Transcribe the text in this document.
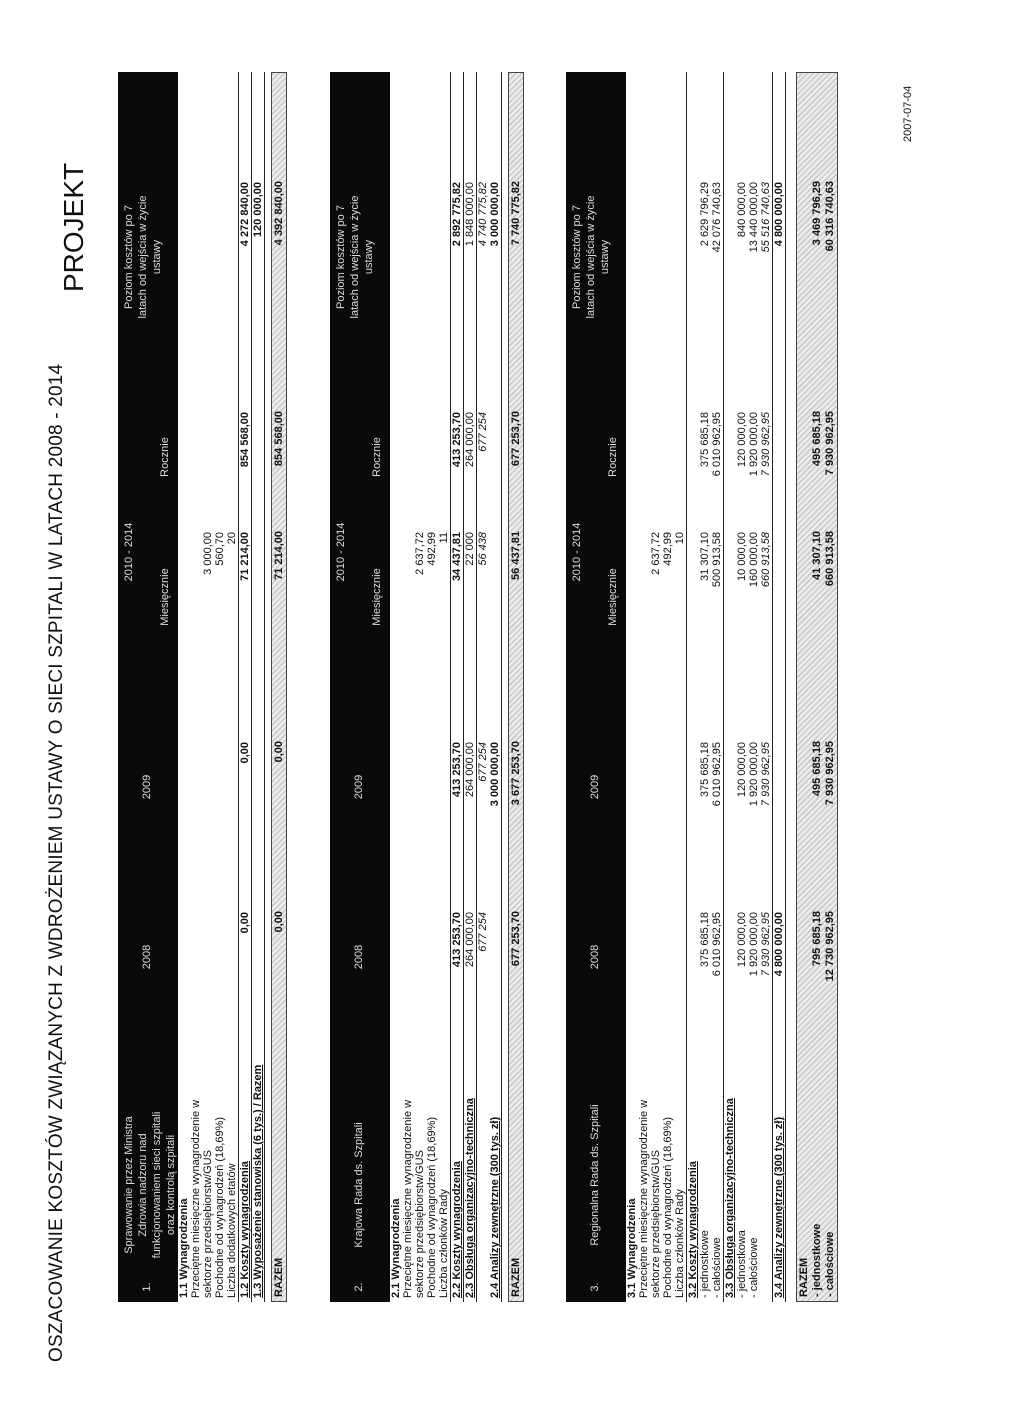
OSZACOWANIE KOSZTÓW ZWIĄZANYCH Z WDROŻENIEM USTAWY O SIECI SZPITALI W LATACH 2008 - 2014
PROJEKT
2007-07-04
1.
Sprawowanie przez Ministra Zdrowia nadzoru nad funkcjonowaniem sieci szpitali oraz kontrolą szpitali
2008
2009
2010 - 2014
Miesięcznie
Rocznie
Poziom kosztów po 7 latach od wejścia w życie ustawy
1.1 Wynagrodzenia Przeciętne miesięczne wynagrodzenie w sektorze przedsiębiorstw/GUS
3 000,00
Pochodne od wynagrodzeń (18,69%)
560,70
Liczba dodatkowych etatów
20
1.2 Koszty wynagrodzenia
0,00
0,00
71 214,00
854 568,00
4 272 840,00
1.3 Wyposażenie stanowiska (6 tys.) / Razem
120 000,00
RAZEM
0,00
0,00
71 214,00
854 568,00
4 392 840,00
2.
Krajowa Rada ds. Szpitali
2008
2009
2010 - 2014
Miesięcznie
Rocznie
Poziom kosztów po 7 latach od wejścia w życie ustawy
2.1 Wynagrodzenia Przeciętne miesięczne wynagrodzenie w sektorze przedsiębiorstw/GUS
2 637,72
Pochodne od wynagrodzeń (18,69%)
492,99
Liczba członków Rady
11
2.2 Koszty wynagrodzenia
413 253,70
413 253,70
34 437,81
413 253,70
2 892 775,82
2.3 Obsługa organizacyjno-techniczna
264 000,00
264 000,00
22 000
264 000,00
1 848 000,00
677 254
677 254
56 438
677 254
4 740 775,82
2.4 Analizy zewnętrzne (300 tys. zł)
3 000 000,00
3 000 000,00
RAZEM
677 253,70
3 677 253,70
56 437,81
677 253,70
7 740 775,82
3.
Regionalna Rada ds. Szpitali
2008
2009
2010 - 2014
Miesięcznie
Rocznie
Poziom kosztów po 7 latach od wejścia w życie ustawy
3.1 Wynagrodzenia Przeciętne miesięczne wynagrodzenie w sektorze przedsiębiorstw/GUS
2 637,72
Pochodne od wynagrodzeń (18,69%)
492,99
Liczba członków Rady
10
3.2 Koszty wynagrodzenia - jednostkowe
375 685,18
375 685,18
31 307,10
375 685,18
2 629 796,29
- całościowe
6 010 962,95
6 010 962,95
500 913,58
6 010 962,95
42 076 740,63
3.3 Obsługa organizacyjno-techniczna - jednostkowa
120 000,00
120 000,00
10 000,00
120 000,00
840 000,00
- całościowe
1 920 000,00
1 920 000,00
160 000,00
1 920 000,00
13 440 000,00
7 930 962,95
7 930 962,95
660 913,58
7 930 962,95
55 516 740,63
3.4 Analizy zewnętrzne (300 tys. zł)
4 800 000,00
4 800 000,00
RAZEM - jednostkowe - całościowe
795 685,18 12 730 962,95
495 685,18 7 930 962,95
41 307,10 660 913,58
495 685,18 7 930 962,95
3 469 796,29 60 316 740,63
